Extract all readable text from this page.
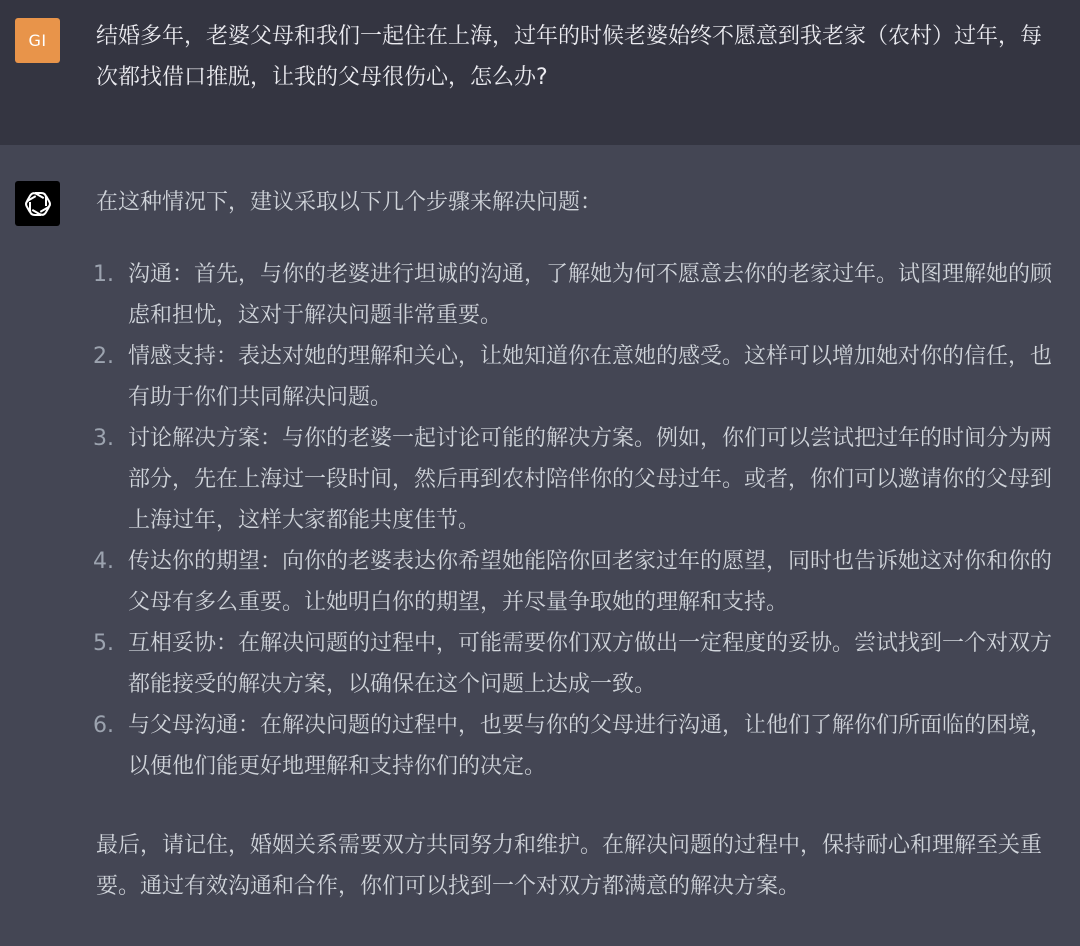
GI	结婚多年，老婆父母和我们一起住在上海，过年的时候老婆始终不愿意到我老家（农村）过年，每次都找借口推脱，让我的父母很伤心，怎么办?
在这种情况下，建议采取以下几个步骤来解决问题：
1. 沟通：首先，与你的老婆进行坦诚的沟通，了解她为何不愿意去你的老家过年。试图理解她的顾虑和担忧，这对于解决问题非常重要。
2. 情感支持：表达对她的理解和关心，让她知道你在意她的感受。这样可以增加她对你的信任，也有助于你们共同解决问题。
3. 讨论解决方案：与你的老婆一起讨论可能的解决方案。例如，你们可以尝试把过年的时间分为两部分，先在上海过一段时间，然后再到农村陪伴你的父母过年。或者，你们可以邀请你的父母到上海过年，这样大家都能共度佳节。
4. 传达你的期望：向你的老婆表达你希望她能陪你回老家过年的愿望，同时也告诉她这对你和你的父母有多么重要。让她明白你的期望，并尽量争取她的理解和支持。
5. 互相妥协：在解决问题的过程中，可能需要你们双方做出一定程度的妥协。尝试找到一个对双方都能接受的解决方案，以确保在这个问题上达成一致。
6. 与父母沟通：在解决问题的过程中，也要与你的父母进行沟通，让他们了解你们所面临的困境，以便他们能更好地理解和支持你们的决定。
最后，请记住，婚姻关系需要双方共同努力和维护。在解决问题的过程中，保持耐心和理解至关重要。通过有效沟通和合作，你们可以找到一个对双方都满意的解决方案。
